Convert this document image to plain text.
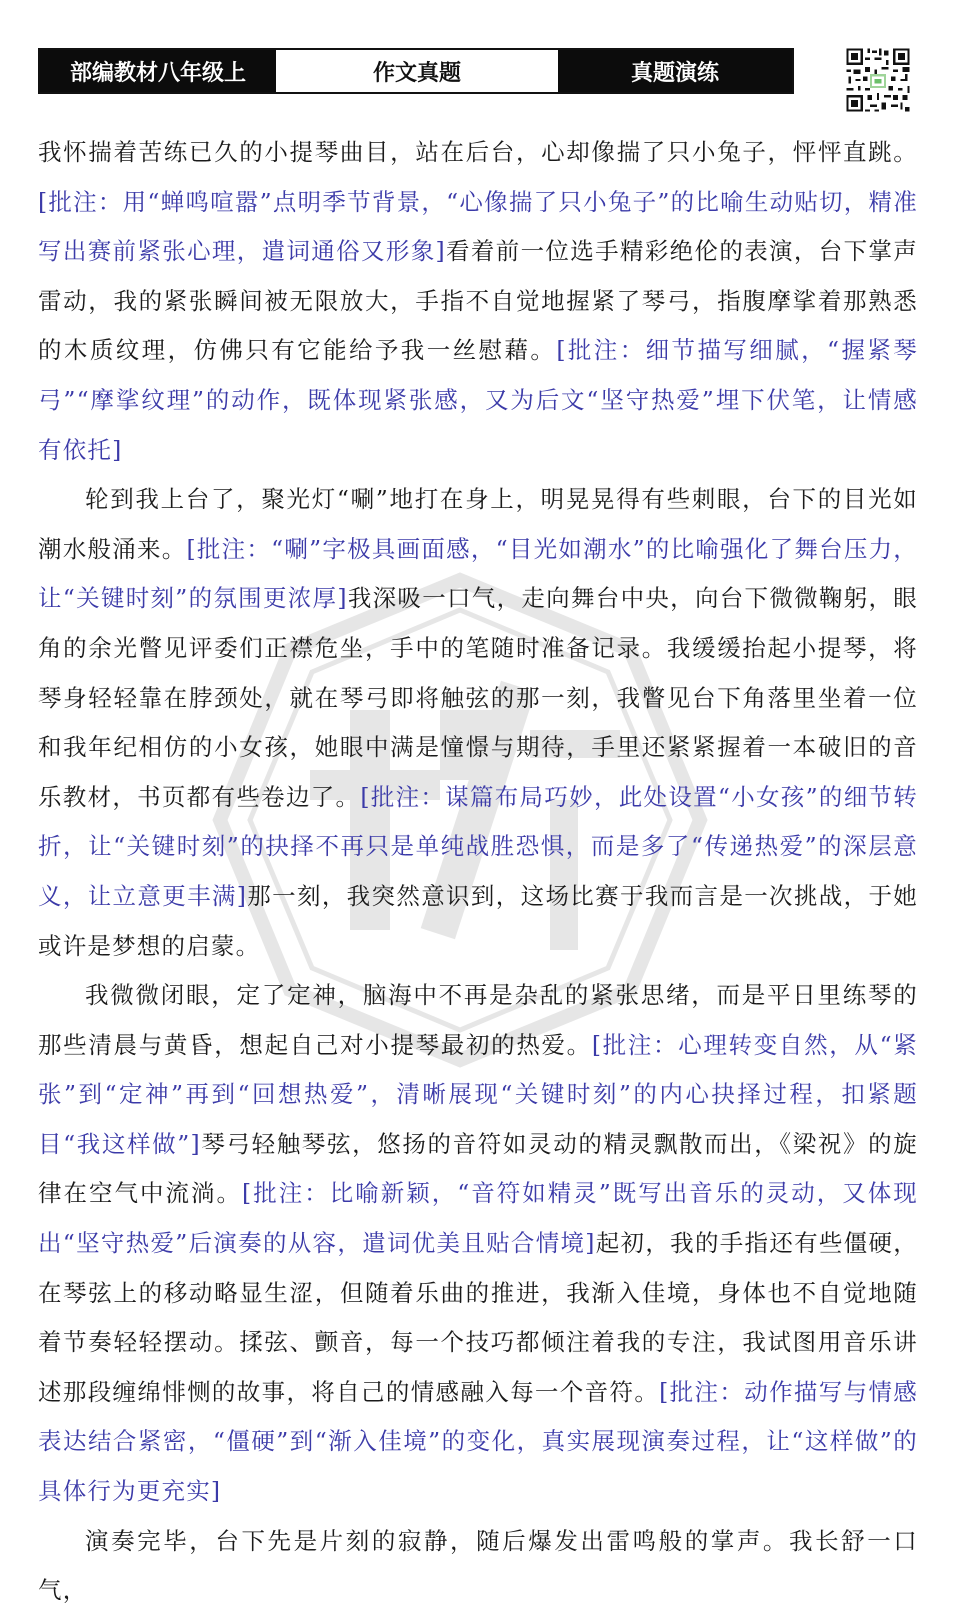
部编教材八年级上	作文真题	真题演练

我怀揣着苦练已久的小提琴曲目，站在后台，心却像揣了只小兔子，怦怦直跳。[批注：用“蝉鸣喧嚣”点明季节背景，“心像揣了只小兔子”的比喻生动贴切，精准写出赛前紧张心理，遣词通俗又形象]看着前一位选手精彩绝伦的表演，台下掌声雷动，我的紧张瞬间被无限放大，手指不自觉地握紧了琴弓，指腹摩挲着那熟悉的木质纹理，仿佛只有它能给予我一丝慰藉。[批注：细节描写细腻，“握紧琴弓”“摩挲纹理”的动作，既体现紧张感，又为后文“坚守热爱”埋下伏笔，让情感有依托]

轮到我上台了，聚光灯“唰”地打在身上，明晃晃得有些刺眼，台下的目光如潮水般涌来。[批注：“唰”字极具画面感，“目光如潮水”的比喻强化了舞台压力，让“关键时刻”的氛围更浓厚]我深吸一口气，走向舞台中央，向台下微微鞠躬，眼角的余光瞥见评委们正襟危坐，手中的笔随时准备记录。我缓缓抬起小提琴，将琴身轻轻靠在脖颈处，就在琴弓即将触弦的那一刻，我瞥见台下角落里坐着一位和我年纪相仿的小女孩，她眼中满是憧憬与期待，手里还紧紧握着一本破旧的音乐教材，书页都有些卷边了。[批注：谋篇布局巧妙，此处设置“小女孩”的细节转折，让“关键时刻”的抉择不再只是单纯战胜恐惧，而是多了“传递热爱”的深层意义，让立意更丰满]那一刻，我突然意识到，这场比赛于我而言是一次挑战，于她或许是梦想的启蒙。

我微微闭眼，定了定神，脑海中不再是杂乱的紧张思绪，而是平日里练琴的那些清晨与黄昏，想起自己对小提琴最初的热爱。[批注：心理转变自然，从“紧张”到“定神”再到“回想热爱”，清晰展现“关键时刻”的内心抉择过程，扣紧题目“我这样做”]琴弓轻触琴弦，悠扬的音符如灵动的精灵飘散而出，《梁祝》的旋律在空气中流淌。[批注：比喻新颖，“音符如精灵”既写出音乐的灵动，又体现出“坚守热爱”后演奏的从容，遣词优美且贴合情境]起初，我的手指还有些僵硬，在琴弦上的移动略显生涩，但随着乐曲的推进，我渐入佳境，身体也不自觉地随着节奏轻轻摆动。揉弦、颤音，每一个技巧都倾注着我的专注，我试图用音乐讲述那段缠绵悱恻的故事，将自己的情感融入每一个音符。[批注：动作描写与情感表达结合紧密，“僵硬”到“渐入佳境”的变化，真实展现演奏过程，让“这样做”的具体行为更充实]

演奏完毕，台下先是片刻的寂静，随后爆发出雷鸣般的掌声。我长舒一口气，
